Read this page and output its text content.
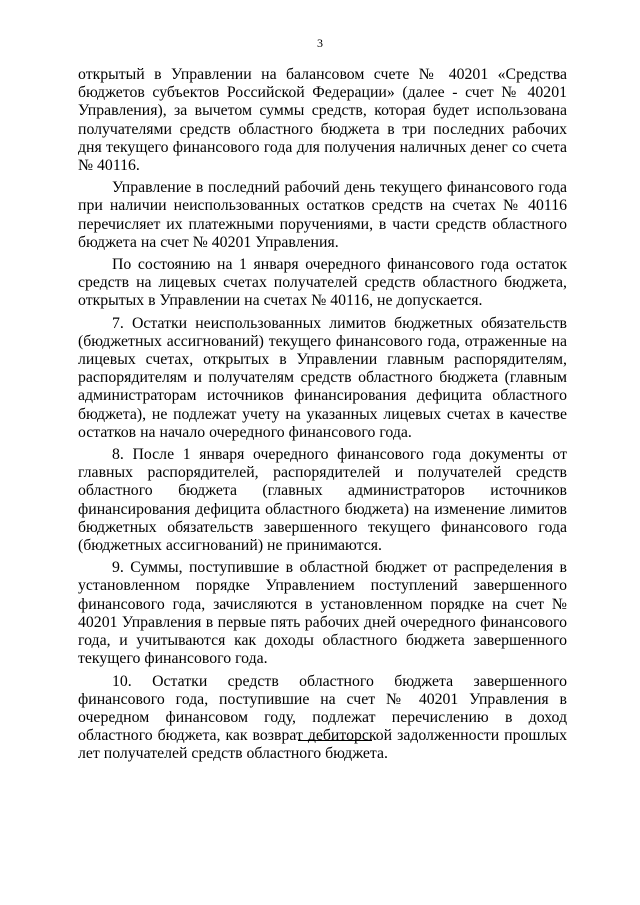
3

открытый в Управлении на балансовом счете № 40201 «Средства бюджетов субъектов Российской Федерации» (далее - счет № 40201 Управления), за вычетом суммы средств, которая будет использована получателями средств областного бюджета в три последних рабочих дня текущего финансового года для получения наличных денег со счета № 40116.

Управление в последний рабочий день текущего финансового года при наличии неиспользованных остатков средств на счетах № 40116 перечисляет их платежными поручениями, в части средств областного бюджета на счет № 40201 Управления.

По состоянию на 1 января очередного финансового года остаток средств на лицевых счетах получателей средств областного бюджета, открытых в Управлении на счетах № 40116, не допускается.

7. Остатки неиспользованных лимитов бюджетных обязательств (бюджетных ассигнований) текущего финансового года, отраженные на лицевых счетах, открытых в Управлении главным распорядителям, распорядителям и получателям средств областного бюджета (главным администраторам источников финансирования дефицита областного бюджета), не подлежат учету на указанных лицевых счетах в качестве остатков на начало очередного финансового года.

8. После 1 января очередного финансового года документы от главных распорядителей, распорядителей и получателей средств областного бюджета (главных администраторов источников финансирования дефицита областного бюджета) на изменение лимитов бюджетных обязательств завершенного текущего финансового года (бюджетных ассигнований) не принимаются.

9. Суммы, поступившие в областной бюджет от распределения в установленном порядке Управлением поступлений завершенного финансового года, зачисляются в установленном порядке на счет № 40201 Управления в первые пять рабочих дней очередного финансового года, и учитываются как доходы областного бюджета завершенного текущего финансового года.

10. Остатки средств областного бюджета завершенного финансового года, поступившие на счет № 40201 Управления в очередном финансовом году, подлежат перечислению в доход областного бюджета, как возврат дебиторской задолженности прошлых лет получателей средств областного бюджета.
